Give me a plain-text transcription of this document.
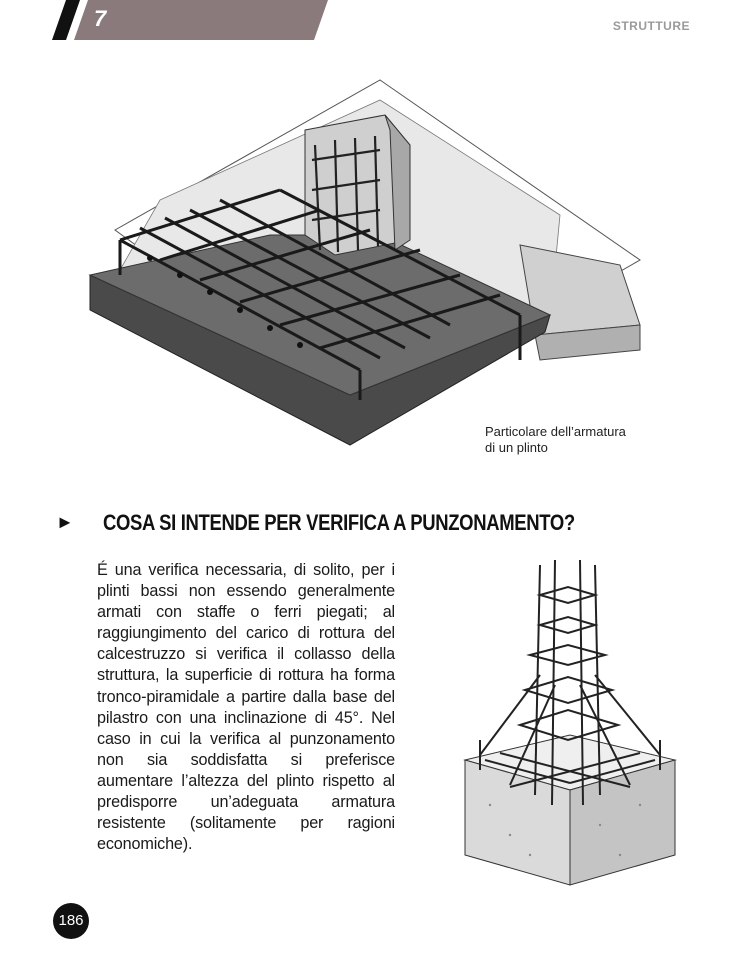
7	STRUTTURE
Particolare dell’armatura
di un plinto
► COSA SI INTENDE PER VERIFICA A PUNZONAMENTO?
É una verifica necessaria, di solito, per i plinti bassi non essendo generalmente armati con staffe o ferri piegati; al raggiungimento del carico di rottura del calcestruzzo si verifica il collasso della struttura, la superficie di rottura ha forma tronco-piramidale a partire dalla base del pilastro con una inclinazione di 45°. Nel caso in cui la verifica al punzonamento non sia soddisfatta si preferisce aumentare l’altezza del plinto rispetto al predisporre un’adeguata armatura resistente (solitamente per ragioni economiche).
186
